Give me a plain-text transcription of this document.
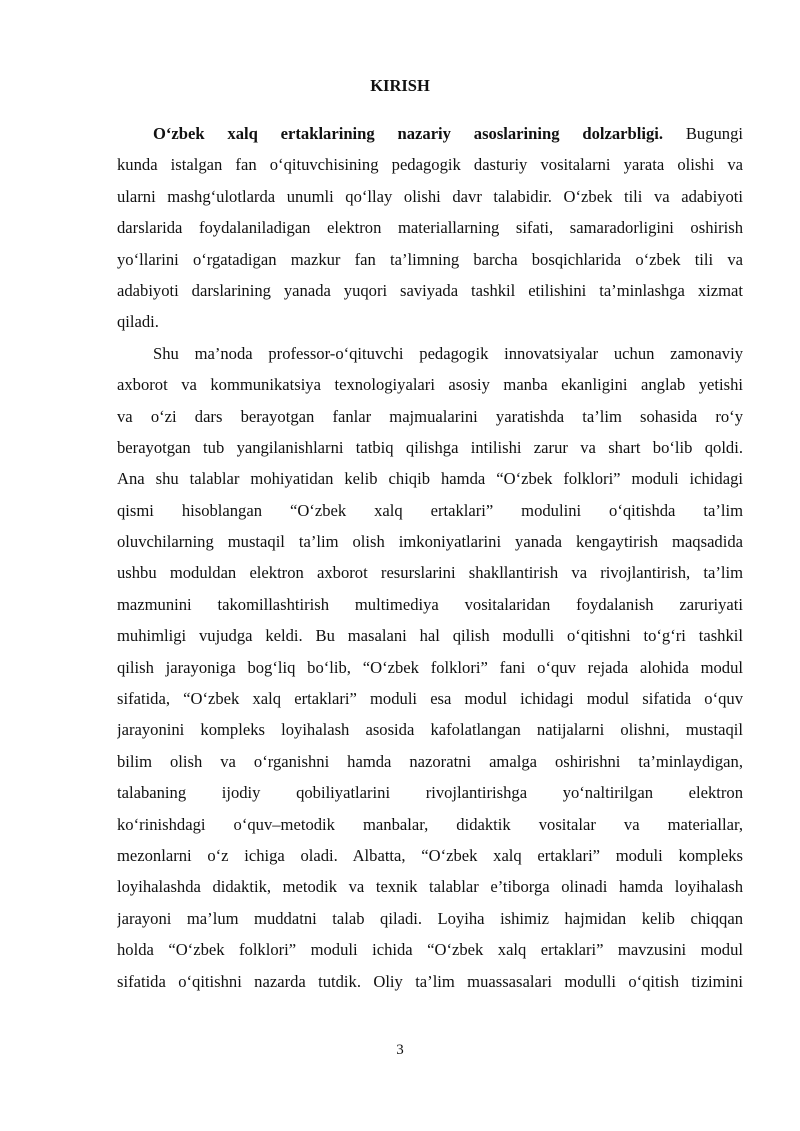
KIRISH
O‘zbek xalq ertaklarining nazariy asoslarining dolzarbligi. Bugungi
kunda istalgan fan o‘qituvchisining pedagogik dasturiy vositalarni yarata olishi va
ularni mashg‘ulotlarda unumli qo‘llay olishi davr talabidir. O‘zbek tili va adabiyoti
darslarida foydalaniladigan elektron materiallarning sifati, samaradorligini oshirish
yo‘llarini o‘rgatadigan mazkur fan ta’limning barcha bosqichlarida o‘zbek tili va
adabiyoti darslarining yanada yuqori saviyada tashkil etilishini ta’minlashga xizmat
qiladi.
Shu ma’noda professor-o‘qituvchi pedagogik innovatsiyalar uchun zamonaviy
axborot va kommunikatsiya texnologiyalari asosiy manba ekanligini anglab yetishi
va o‘zi dars berayotgan fanlar majmualarini yaratishda ta’lim sohasida ro‘y
berayotgan tub yangilanishlarni tatbiq qilishga intilishi zarur va shart bo‘lib qoldi.
Ana shu talablar mohiyatidan kelib chiqib hamda “O‘zbek folklori” moduli ichidagi
qismi hisoblangan “O‘zbek xalq ertaklari” modulini o‘qitishda ta’lim
oluvchilarning mustaqil ta’lim olish imkoniyatlarini yanada kengaytirish maqsadida
ushbu moduldan elektron axborot resurslarini shakllantirish va rivojlantirish, ta’lim
mazmunini takomillashtirish multimediya vositalaridan foydalanish zaruriyati
muhimligi vujudga keldi. Bu masalani hal qilish modulli o‘qitishni to‘g‘ri tashkil
qilish jarayoniga bog‘liq bo‘lib, “O‘zbek folklori” fani o‘quv rejada alohida modul
sifatida, “O‘zbek xalq ertaklari” moduli esa modul ichidagi modul sifatida o‘quv
jarayonini kompleks loyihalash asosida kafolatlangan natijalarni olishni, mustaqil
bilim olish va o‘rganishni hamda nazoratni amalga oshirishni ta’minlaydigan,
talabaning ijodiy qobiliyatlarini rivojlantirishga yo‘naltirilgan elektron
ko‘rinishdagi o‘quv–metodik manbalar, didaktik vositalar va materiallar,
mezonlarni o‘z ichiga oladi. Albatta, “O‘zbek xalq ertaklari” moduli kompleks
loyihalashda didaktik, metodik va texnik talablar e’tiborga olinadi hamda loyihalash
jarayoni ma’lum muddatni talab qiladi. Loyiha ishimiz hajmidan kelib chiqqan
holda “O‘zbek folklori” moduli ichida “O‘zbek xalq ertaklari” mavzusini modul
sifatida o‘qitishni nazarda tutdik. Oliy ta’lim muassasalari modulli o‘qitish tizimini
3
